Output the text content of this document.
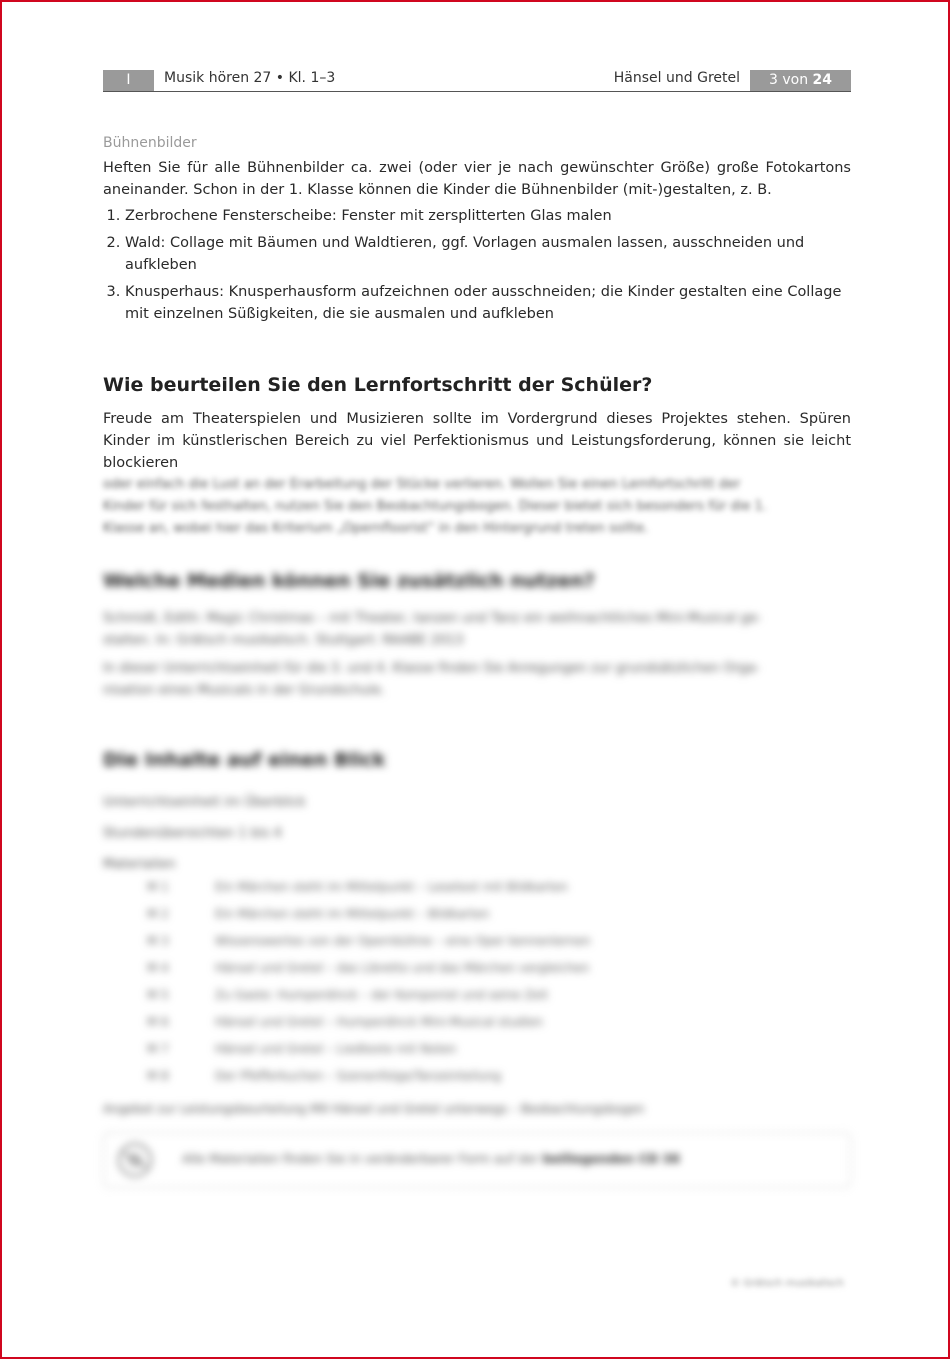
I	Musik hören 27 • Kl. 1–3	Hänsel und Gretel	3 von 24
Bühnenbilder

Heften Sie für alle Bühnenbilder ca. zwei (oder vier je nach gewünschter Größe) große Fotokartons aneinander. Schon in der 1. Klasse können die Kinder die Bühnenbilder (mit-)gestalten, z. B.

1. Zerbrochene Fensterscheibe: Fenster mit zersplitterten Glas malen
2. Wald: Collage mit Bäumen und Waldtieren, ggf. Vorlagen ausmalen lassen, ausschneiden und aufkleben
3. Knusperhaus: Knusperhausform aufzeichnen oder ausschneiden; die Kinder gestalten eine Collage mit einzelnen Süßigkeiten, die sie ausmalen und aufkleben
Wie beurteilen Sie den Lernfortschritt der Schüler?

Freude am Theaterspielen und Musizieren sollte im Vordergrund dieses Projektes stehen. Spüren Kinder im künstlerischen Bereich zu viel Perfektionismus und Leistungsforderung, können sie leicht blockieren

oder einfach die Lust an der Erarbeitung der Stücke verlieren. Wollen Sie einen Lernfortschritt der
Kinder für sich festhalten, nutzen Sie den Beobachtungsbogen. Dieser bietet sich besonders für die 1.
Klasse an, wobei hier das Kriterium „Opernfloorist“ in den Hintergrund treten sollte.
Welche Medien können Sie zusätzlich nutzen?
Schmidt, Edith: Magic Christmas – mit Theater, tanzen und Tanz ein weihnachtliches Mini-Musical ge-
stalten. In: Grätsch musikalisch. Stuttgart: RAABE 2013
In dieser Unterrichtseinheit für die 3. und 4. Klasse finden Sie Anregungen zur grundsätzlichen Orga-
nisation eines Musicals in der Grundschule.
Die Inhalte auf einen Blick
Unterrichtseinheit im Überblick
Stundenübersichten 1 bis 4
Materialien
M 1	Ein Märchen steht im Mittelpunkt – Lesetext mit Bildkarten
M 2	Ein Märchen steht im Mittelpunkt – Bildkarten
M 3	Wissenswertes von der Opernbühne – eine Oper kennenlernen
M 4	Hänsel und Gretel – das Libretto und das Märchen vergleichen
M 5	Zu Gaste: Humperdinck – der Komponist und seine Zeit
M 6	Hänsel und Gretel – Humperdinck Mini-Musical studien
M 7	Hänsel und Gretel – Liedtexte mit Noten
M 8	Der Pfefferkuchen – Szenenfolge/Tanzeinteilung
Angebot zur Leistungsbeurteilung M9 Hänsel und Gretel unterwegs – Beobachtungsbogen
Alle Materialien finden Sie in veränderbarer Form auf der beiliegenden CD 38
© Grätsch musikalisch
